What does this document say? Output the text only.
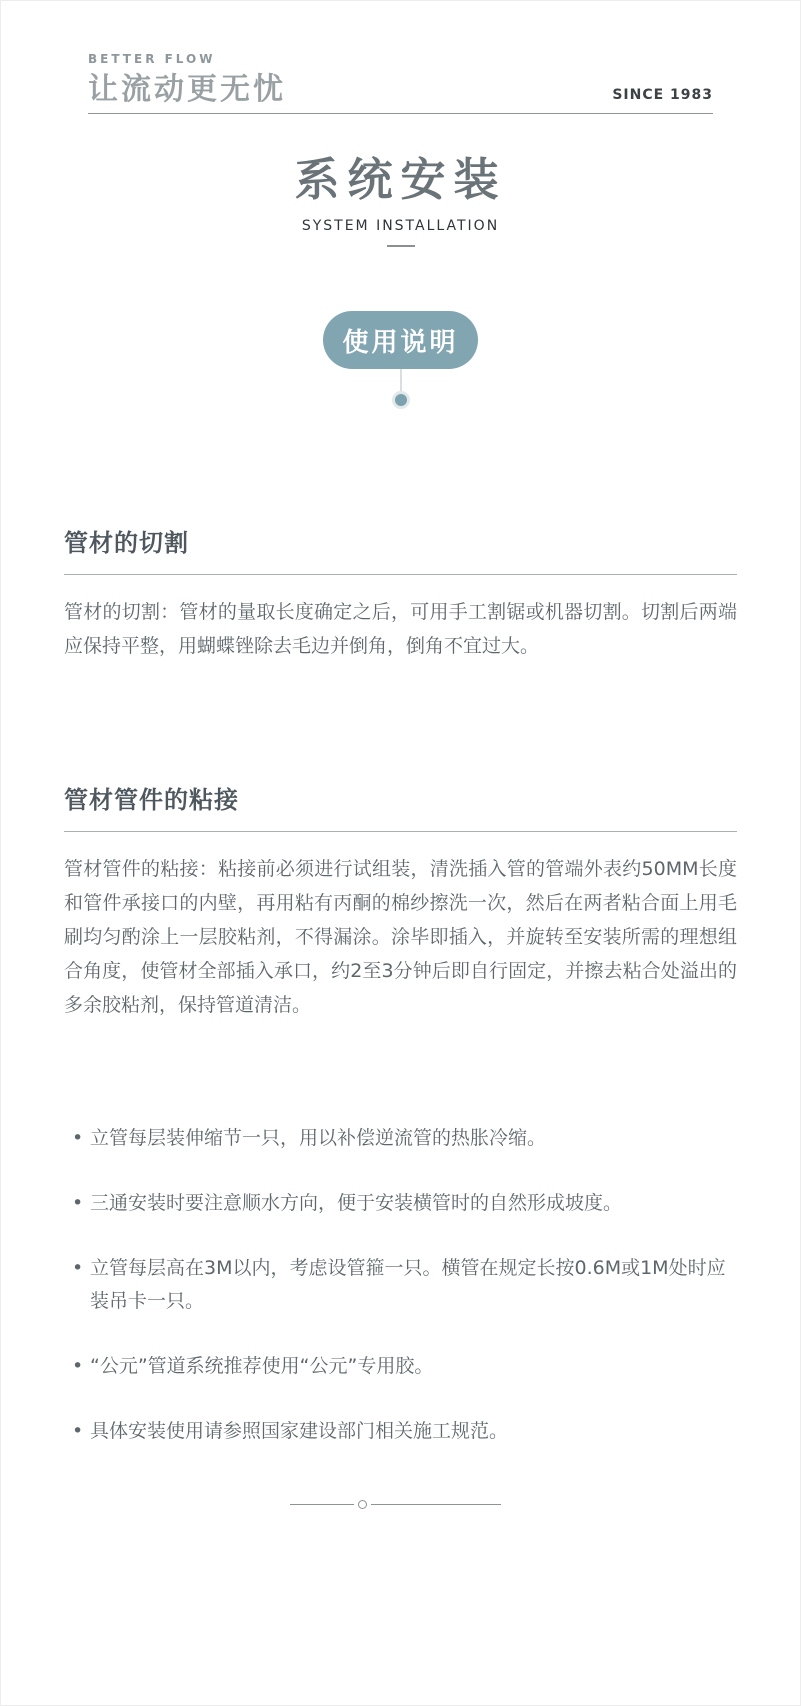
BETTER FLOW
让流动更无忧	SINCE 1983
系统安装
SYSTEM INSTALLATION
使用说明
管材的切割
管材的切割：管材的量取长度确定之后，可用手工割锯或机器切割。切割后两端应保持平整，用蝴蝶锉除去毛边并倒角，倒角不宜过大。
管材管件的粘接
管材管件的粘接：粘接前必须进行试组装，清洗插入管的管端外表约50MM长度和管件承接口的内壁，再用粘有丙酮的棉纱擦洗一次，然后在两者粘合面上用毛刷均匀酌涂上一层胶粘剂，不得漏涂。涂毕即插入，并旋转至安装所需的理想组合角度，使管材全部插入承口，约2至3分钟后即自行固定，并擦去粘合处溢出的多余胶粘剂，保持管道清洁。
• 立管每层装伸缩节一只，用以补偿逆流管的热胀冷缩。
• 三通安装时要注意顺水方向，便于安装横管时的自然形成坡度。
• 立管每层高在3M以内，考虑设管箍一只。横管在规定长按0.6M或1M处时应装吊卡一只。
• “公元”管道系统推荐使用“公元”专用胶。
• 具体安装使用请参照国家建设部门相关施工规范。
